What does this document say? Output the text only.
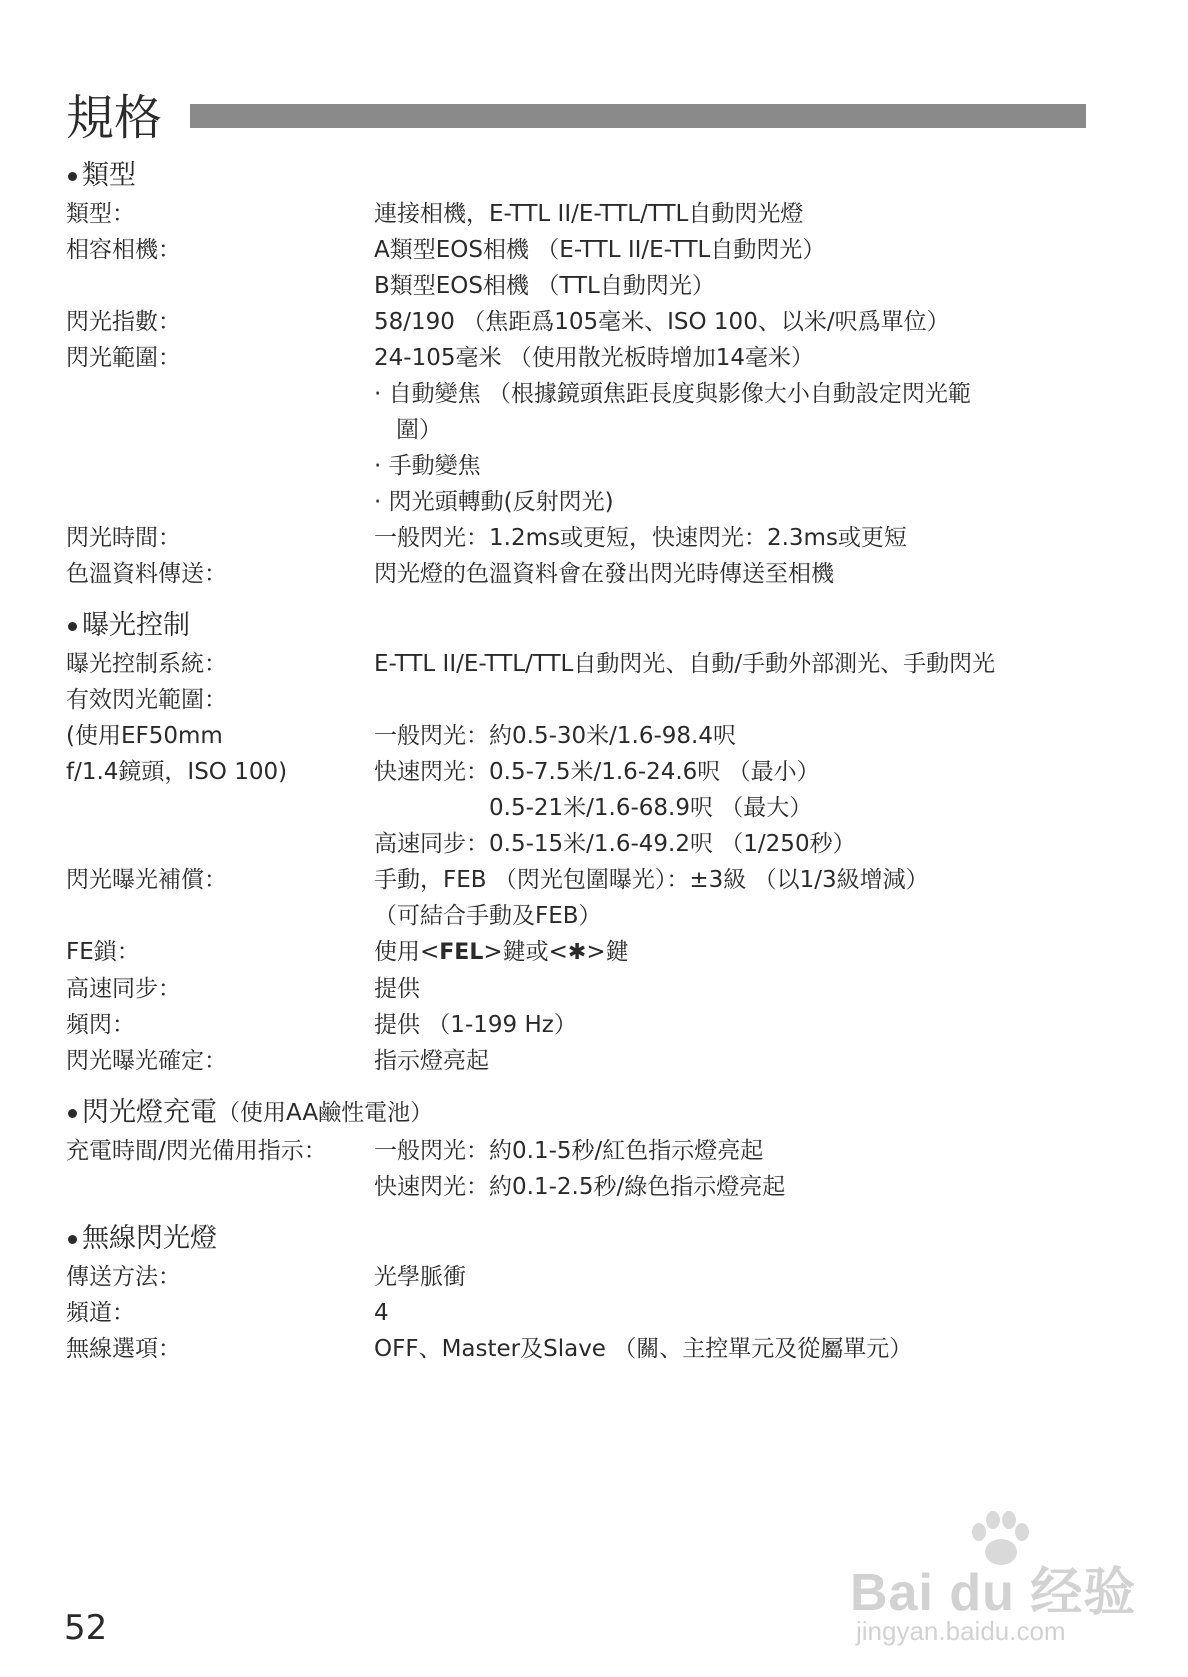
規格
類型
類型：	連接相機，E-TTL II/E-TTL/TTL自動閃光燈
相容相機：	A類型EOS相機 （E-TTL II/E-TTL自動閃光）
B類型EOS相機 （TTL自動閃光）
閃光指數：	58/190 （焦距爲105毫米、ISO 100、以米/呎爲單位）
閃光範圍：	24-105毫米 （使用散光板時增加14毫米）
· 自動變焦 （根據鏡頭焦距長度與影像大小自動設定閃光範
圍）
· 手動變焦
· 閃光頭轉動(反射閃光)
閃光時間：	一般閃光：1.2ms或更短，快速閃光：2.3ms或更短
色溫資料傳送：	閃光燈的色溫資料會在發出閃光時傳送至相機
曝光控制
曝光控制系統：	E-TTL II/E-TTL/TTL自動閃光、自動/手動外部測光、手動閃光
有效閃光範圍：
(使用EF50mm	一般閃光：約0.5-30米/1.6-98.4呎
f/1.4鏡頭，ISO 100)	快速閃光：0.5-7.5米/1.6-24.6呎 （最小）
　　　　　0.5-21米/1.6-68.9呎 （最大）
高速同步：0.5-15米/1.6-49.2呎 （1/250秒）
閃光曝光補償：	手動，FEB （閃光包圍曝光）：±3級 （以1/3級增減）
（可結合手動及FEB）
FE鎖：	使用<FEL>鍵或<✱>鍵
高速同步：	提供
頻閃：	提供 （1-199 Hz）
閃光曝光確定：	指示燈亮起
閃光燈充電 （使用AA鹼性電池）
充電時間/閃光備用指示：	一般閃光：約0.1-5秒/紅色指示燈亮起
快速閃光：約0.1-2.5秒/綠色指示燈亮起
無線閃光燈
傳送方法：	光學脈衝
頻道：	4
無線選項：	OFF、Master及Slave （關、主控單元及從屬單元）
52
Bai du 经验
jingyan.baidu.com
